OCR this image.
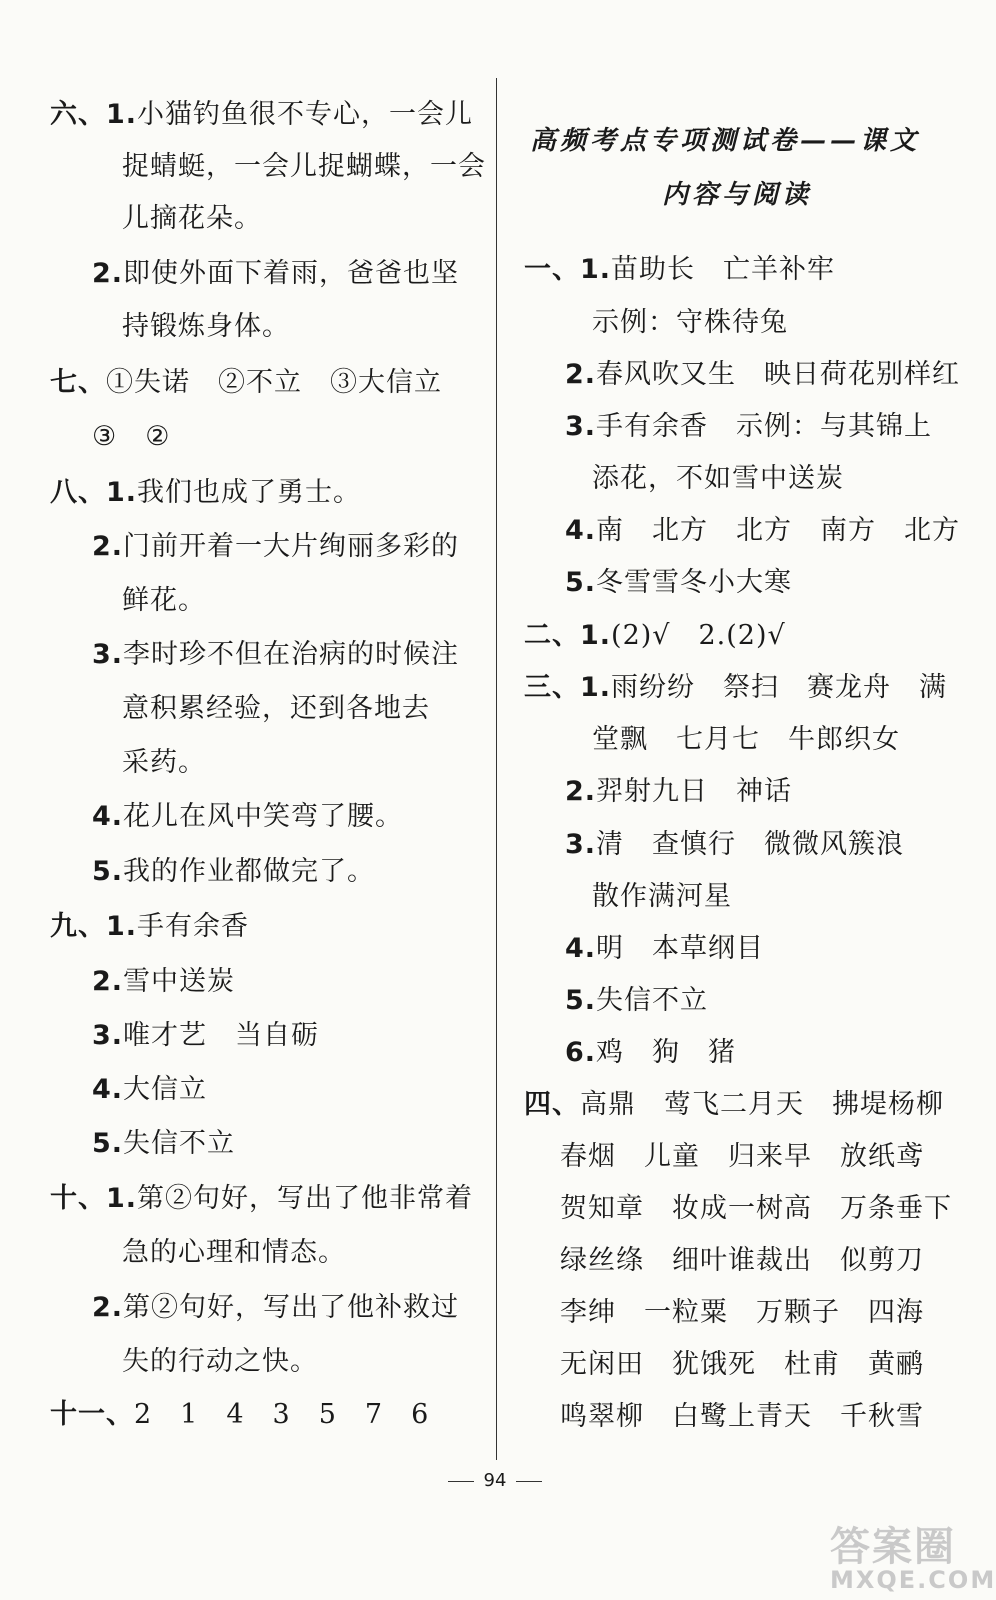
六、1.小猫钓鱼很不专心，一会儿
捉蜻蜓，一会儿捉蝴蝶，一会
儿摘花朵。
2.即使外面下着雨，爸爸也坚
持锻炼身体。
七、①失诺　②不立　③大信立
③　②
八、1.我们也成了勇士。
2.门前开着一大片绚丽多彩的
鲜花。
3.李时珍不但在治病的时候注
意积累经验，还到各地去
采药。
4.花儿在风中笑弯了腰。
5.我的作业都做完了。
九、1.手有余香
2.雪中送炭
3.唯才艺　当自砺
4.大信立
5.失信不立
十、1.第②句好，写出了他非常着
急的心理和情态。
2.第②句好，写出了他补救过
失的行动之快。
十一、2　1　4　3　5　7　6
高频考点专项测试卷——课文
内容与阅读
一、1.苗助长　亡羊补牢
示例：守株待兔
2.春风吹又生　映日荷花别样红
3.手有余香　示例：与其锦上
添花，不如雪中送炭
4.南　北方　北方　南方　北方
5.冬雪雪冬小大寒
二、1.(2)√　2.(2)√
三、1.雨纷纷　祭扫　赛龙舟　满
堂飘　七月七　牛郎织女
2.羿射九日　神话
3.清　查慎行　微微风簇浪
散作满河星
4.明　本草纲目
5.失信不立
6.鸡　狗　猪
四、高鼎　莺飞二月天　拂堤杨柳
春烟　儿童　归来早　放纸鸢
贺知章　妆成一树高　万条垂下
绿丝绦　细叶谁裁出　似剪刀
李绅　一粒粟　万颗子　四海
无闲田　犹饿死　杜甫　黄鹂
鸣翠柳　白鹭上青天　千秋雪
94
答案圈
MXQE.COM
